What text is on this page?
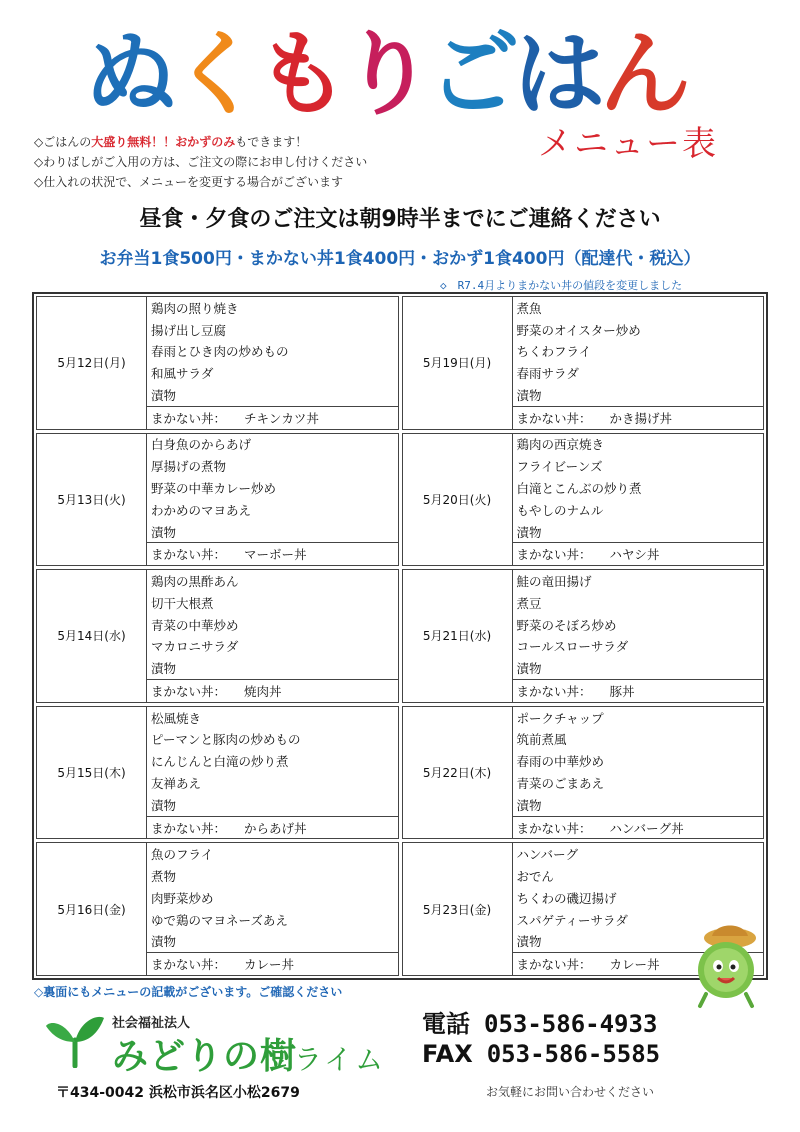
ぬ
く
も
り
ご
は
ん
メニュー表
◇ごはんの大盛り無料！！おかずのみもできます！
◇わりばしがご入用の方は、ご注文の際にお申し付けください
◇仕入れの状況で、メニューを変更する場合がございます
昼食・夕食のご注文は朝9時半までにご連絡ください
お弁当1食500円・まかない丼1食400円・おかず1食400円（配達代・税込）
◇　R7.4月よりまかない丼の値段を変更しました
5月12日(月)
鶏肉の照り焼き
揚げ出し豆腐
春雨とひき肉の炒めもの
和風サラダ
漬物
まかない丼： チキンカツ丼
5月19日(月)
煮魚
野菜のオイスター炒め
ちくわフライ
春雨サラダ
漬物
まかない丼： かき揚げ丼
5月13日(火)
白身魚のからあげ
厚揚げの煮物
野菜の中華カレー炒め
わかめのマヨあえ
漬物
まかない丼： マーボー丼
5月20日(火)
鶏肉の西京焼き
フライビーンズ
白滝とこんぶの炒り煮
もやしのナムル
漬物
まかない丼： ハヤシ丼
5月14日(水)
鶏肉の黒酢あん
切干大根煮
青菜の中華炒め
マカロニサラダ
漬物
まかない丼： 焼肉丼
5月21日(水)
鮭の竜田揚げ
煮豆
野菜のそぼろ炒め
コールスローサラダ
漬物
まかない丼： 豚丼
5月15日(木)
松風焼き
ピーマンと豚肉の炒めもの
にんじんと白滝の炒り煮
友禅あえ
漬物
まかない丼： からあげ丼
5月22日(木)
ポークチャップ
筑前煮風
春雨の中華炒め
青菜のごまあえ
漬物
まかない丼： ハンバーグ丼
5月16日(金)
魚のフライ
煮物
肉野菜炒め
ゆで鶏のマヨネーズあえ
漬物
まかない丼： カレー丼
5月23日(金)
ハンバーグ
おでん
ちくわの磯辺揚げ
スパゲティーサラダ
漬物
まかない丼： カレー丼
◇裏面にもメニューの記載がございます。ご確認ください
社会福祉法人
みどりの樹
ライム
〒434-0042 浜松市浜名区小松2679
電話 053-586-4933
FAX 053-586-5585
お気軽にお問い合わせください
